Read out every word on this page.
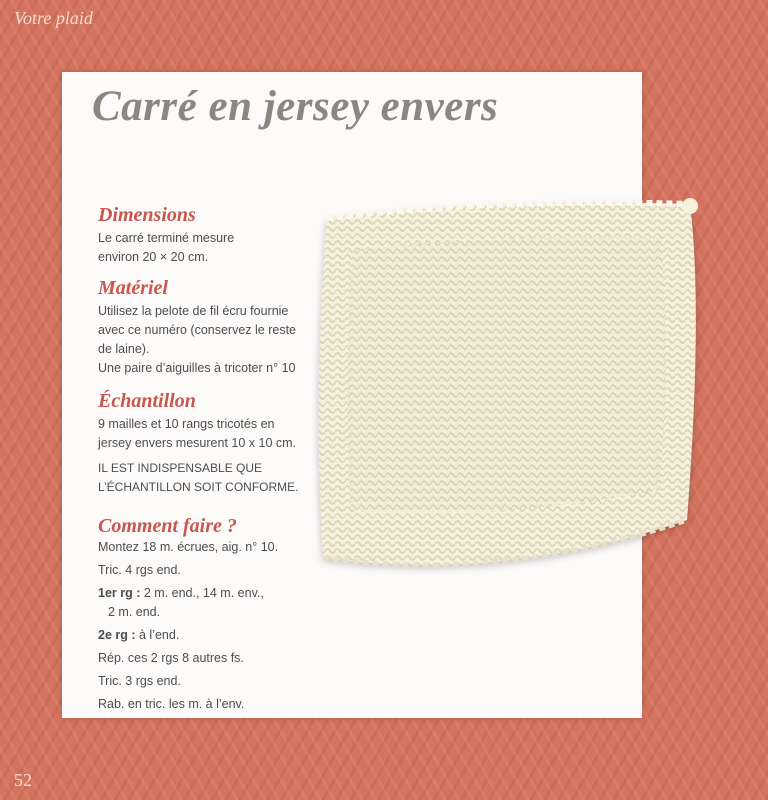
Votre plaid
Carré en jersey envers
Dimensions

Le carré terminé mesure

environ 20 × 20 cm.

Matériel

Utilisez la pelote de fil écru fournie

avec ce numéro (conservez le reste

de laine).

Une paire d’aiguilles à tricoter n° 10

Échantillon

9 mailles et 10 rangs tricotés en

jersey envers mesurent 10 x 10 cm.

IL EST INDISPENSABLE QUE

L’ÉCHANTILLON SOIT CONFORME.

Comment faire ?

Montez 18 m. écrues, aig. n° 10.

Tric. 4 rgs end.

1er rg : 2 m. end., 14 m. env.,

2 m. end.

2e rg : à l’end.

Rép. ces 2 rgs 8 autres fs.

Tric. 3 rgs end.

Rab. en tric. les m. à l’env.

52
